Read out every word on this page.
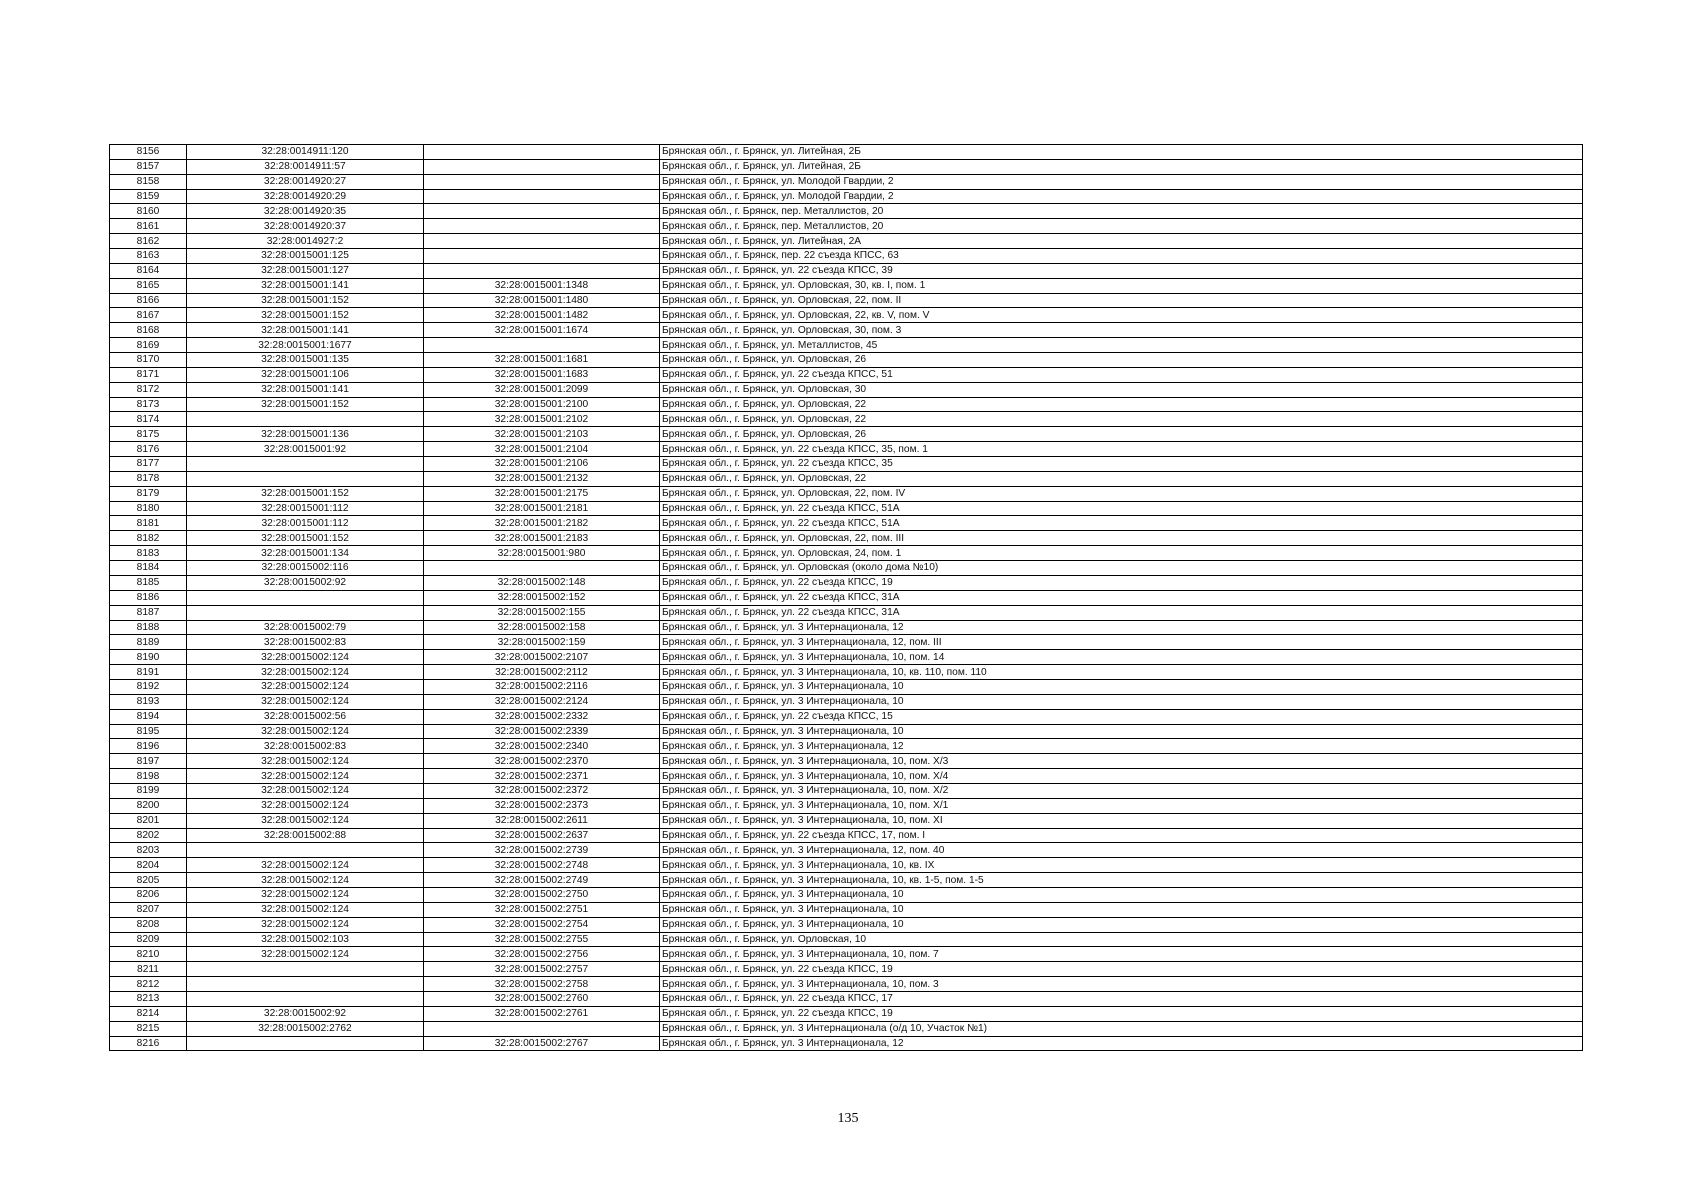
8156	32:28:0014911:120		Брянская обл., г. Брянск, ул. Литейная, 2Б
8157	32:28:0014911:57		Брянская обл., г. Брянск, ул. Литейная, 2Б
8158	32:28:0014920:27		Брянская обл., г. Брянск, ул. Молодой Гвардии, 2
8159	32:28:0014920:29		Брянская обл., г. Брянск, ул. Молодой Гвардии, 2
8160	32:28:0014920:35		Брянская обл., г. Брянск, пер. Металлистов, 20
8161	32:28:0014920:37		Брянская обл., г. Брянск, пер. Металлистов, 20
8162	32:28:0014927:2		Брянская обл., г. Брянск, ул. Литейная, 2А
8163	32:28:0015001:125		Брянская обл., г. Брянск, пер. 22 съезда КПСС, 63
8164	32:28:0015001:127		Брянская обл., г. Брянск, ул. 22 съезда КПСС, 39
8165	32:28:0015001:141	32:28:0015001:1348	Брянская обл., г. Брянск, ул. Орловская, 30, кв. I, пом. 1
8166	32:28:0015001:152	32:28:0015001:1480	Брянская обл., г. Брянск, ул. Орловская, 22, пом. II
8167	32:28:0015001:152	32:28:0015001:1482	Брянская обл., г. Брянск, ул. Орловская, 22, кв. V, пом. V
8168	32:28:0015001:141	32:28:0015001:1674	Брянская обл., г. Брянск, ул. Орловская, 30, пом. 3
8169	32:28:0015001:1677		Брянская обл., г. Брянск, ул. Металлистов, 45
8170	32:28:0015001:135	32:28:0015001:1681	Брянская обл., г. Брянск, ул. Орловская, 26
8171	32:28:0015001:106	32:28:0015001:1683	Брянская обл., г. Брянск, ул. 22 съезда КПСС, 51
8172	32:28:0015001:141	32:28:0015001:2099	Брянская обл., г. Брянск, ул. Орловская, 30
8173	32:28:0015001:152	32:28:0015001:2100	Брянская обл., г. Брянск, ул. Орловская, 22
8174		32:28:0015001:2102	Брянская обл., г. Брянск, ул. Орловская, 22
8175	32:28:0015001:136	32:28:0015001:2103	Брянская обл., г. Брянск, ул. Орловская, 26
8176	32:28:0015001:92	32:28:0015001:2104	Брянская обл., г. Брянск, ул. 22 съезда КПСС, 35, пом. 1
8177		32:28:0015001:2106	Брянская обл., г. Брянск, ул. 22 съезда КПСС, 35
8178		32:28:0015001:2132	Брянская обл., г. Брянск, ул. Орловская, 22
8179	32:28:0015001:152	32:28:0015001:2175	Брянская обл., г. Брянск, ул. Орловская, 22, пом. IV
8180	32:28:0015001:112	32:28:0015001:2181	Брянская обл., г. Брянск, ул. 22 съезда КПСС, 51А
8181	32:28:0015001:112	32:28:0015001:2182	Брянская обл., г. Брянск, ул. 22 съезда КПСС, 51А
8182	32:28:0015001:152	32:28:0015001:2183	Брянская обл., г. Брянск, ул. Орловская, 22, пом. III
8183	32:28:0015001:134	32:28:0015001:980	Брянская обл., г. Брянск, ул. Орловская, 24, пом. 1
8184	32:28:0015002:116		Брянская обл., г. Брянск, ул. Орловская (около дома №10)
8185	32:28:0015002:92	32:28:0015002:148	Брянская обл., г. Брянск, ул. 22 съезда КПСС, 19
8186		32:28:0015002:152	Брянская обл., г. Брянск, ул. 22 съезда КПСС, 31А
8187		32:28:0015002:155	Брянская обл., г. Брянск, ул. 22 съезда КПСС, 31А
8188	32:28:0015002:79	32:28:0015002:158	Брянская обл., г. Брянск, ул. 3 Интернационала, 12
8189	32:28:0015002:83	32:28:0015002:159	Брянская обл., г. Брянск, ул. 3 Интернационала, 12, пом. III
8190	32:28:0015002:124	32:28:0015002:2107	Брянская обл., г. Брянск, ул. 3 Интернационала, 10, пом. 14
8191	32:28:0015002:124	32:28:0015002:2112	Брянская обл., г. Брянск, ул. 3 Интернационала, 10, кв. 110, пом. 110
8192	32:28:0015002:124	32:28:0015002:2116	Брянская обл., г. Брянск, ул. 3 Интернационала, 10
8193	32:28:0015002:124	32:28:0015002:2124	Брянская обл., г. Брянск, ул. 3 Интернационала, 10
8194	32:28:0015002:56	32:28:0015002:2332	Брянская обл., г. Брянск, ул. 22 съезда КПСС, 15
8195	32:28:0015002:124	32:28:0015002:2339	Брянская обл., г. Брянск, ул. 3 Интернационала, 10
8196	32:28:0015002:83	32:28:0015002:2340	Брянская обл., г. Брянск, ул. 3 Интернационала, 12
8197	32:28:0015002:124	32:28:0015002:2370	Брянская обл., г. Брянск, ул. 3 Интернационала, 10, пом. Х/3
8198	32:28:0015002:124	32:28:0015002:2371	Брянская обл., г. Брянск, ул. 3 Интернационала, 10, пом. Х/4
8199	32:28:0015002:124	32:28:0015002:2372	Брянская обл., г. Брянск, ул. 3 Интернационала, 10, пом. Х/2
8200	32:28:0015002:124	32:28:0015002:2373	Брянская обл., г. Брянск, ул. 3 Интернационала, 10, пом. Х/1
8201	32:28:0015002:124	32:28:0015002:2611	Брянская обл., г. Брянск, ул. 3 Интернационала, 10, пом. XI
8202	32:28:0015002:88	32:28:0015002:2637	Брянская обл., г. Брянск, ул. 22 съезда КПСС, 17, пом. I
8203		32:28:0015002:2739	Брянская обл., г. Брянск, ул. 3 Интернационала, 12, пом. 40
8204	32:28:0015002:124	32:28:0015002:2748	Брянская обл., г. Брянск, ул. 3 Интернационала, 10, кв. IX
8205	32:28:0015002:124	32:28:0015002:2749	Брянская обл., г. Брянск, ул. 3 Интернационала, 10, кв. 1-5, пом. 1-5
8206	32:28:0015002:124	32:28:0015002:2750	Брянская обл., г. Брянск, ул. 3 Интернационала, 10
8207	32:28:0015002:124	32:28:0015002:2751	Брянская обл., г. Брянск, ул. 3 Интернационала, 10
8208	32:28:0015002:124	32:28:0015002:2754	Брянская обл., г. Брянск, ул. 3 Интернационала, 10
8209	32:28:0015002:103	32:28:0015002:2755	Брянская обл., г. Брянск, ул. Орловская, 10
8210	32:28:0015002:124	32:28:0015002:2756	Брянская обл., г. Брянск, ул. 3 Интернационала, 10, пом. 7
8211		32:28:0015002:2757	Брянская обл., г. Брянск, ул. 22 съезда КПСС, 19
8212		32:28:0015002:2758	Брянская обл., г. Брянск, ул. 3 Интернационала, 10, пом. 3
8213		32:28:0015002:2760	Брянская обл., г. Брянск, ул. 22 съезда КПСС, 17
8214	32:28:0015002:92	32:28:0015002:2761	Брянская обл., г. Брянск, ул. 22 съезда КПСС, 19
8215	32:28:0015002:2762		Брянская обл., г. Брянск, ул. 3 Интернационала (о/д 10, Участок №1)
8216		32:28:0015002:2767	Брянская обл., г. Брянск, ул. 3 Интернационала, 12
135
